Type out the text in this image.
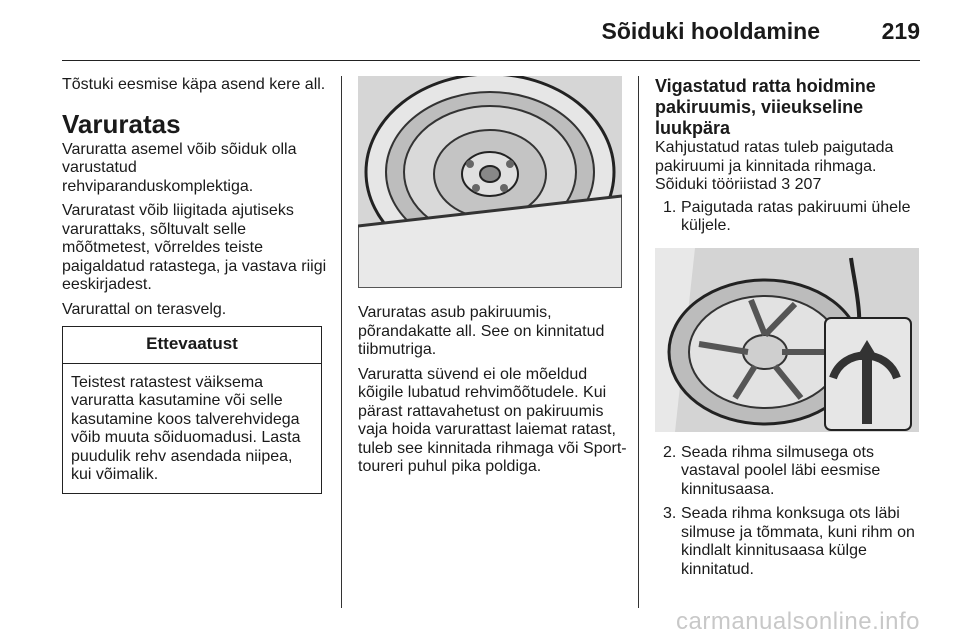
Sõiduki hooldamine	219

Tõstuki eesmise käpa asend kere all.

Varuratas

Varuratta asemel võib sõiduk olla
varustatud
rehviparanduskomplektiga.

Varuratast võib liigitada ajutiseks
varurattaks, sõltuvalt selle
mõõtmetest, võrreldes teiste
paigaldatud ratastega, ja vastava riigi
eeskirjadest.

Varurattal on terasvelg.

Ettevaatust
Teistest ratastest väiksema
varuratta kasutamine või selle
kasutamine koos talverehvidega
võib muuta sõiduomadusi. Lasta
puudulik rehv asendada niipea,
kui võimalik.

Varuratas asub pakiruumis,
põrandakatte all. See on kinnitatud
tiibmutriga.

Varuratta süvend ei ole mõeldud
kõigile lubatud rehvimõõtudele. Kui
pärast rattavahetust on pakiruumis
vaja hoida varurattast laiemat ratast,
tuleb see kinnitada rihmaga või Sport-
toureri puhul pika poldiga.

Vigastatud ratta hoidmine
pakiruumis, viieukseline
luukpära
Kahjustatud ratas tuleb paigutada
pakiruumi ja kinnitada rihmaga.
Sõiduki tööriistad 3 207
1. Paigutada ratas pakiruumi ühele
küljele.
2. Seada rihma silmusega ots
vastaval poolel läbi eesmise
kinnitusaasa.
3. Seada rihma konksuga ots läbi
silmuse ja tõmmata, kuni rihm on
kindlalt kinnitusaasa külge
kinnitatud.
carmanualsonline.info
